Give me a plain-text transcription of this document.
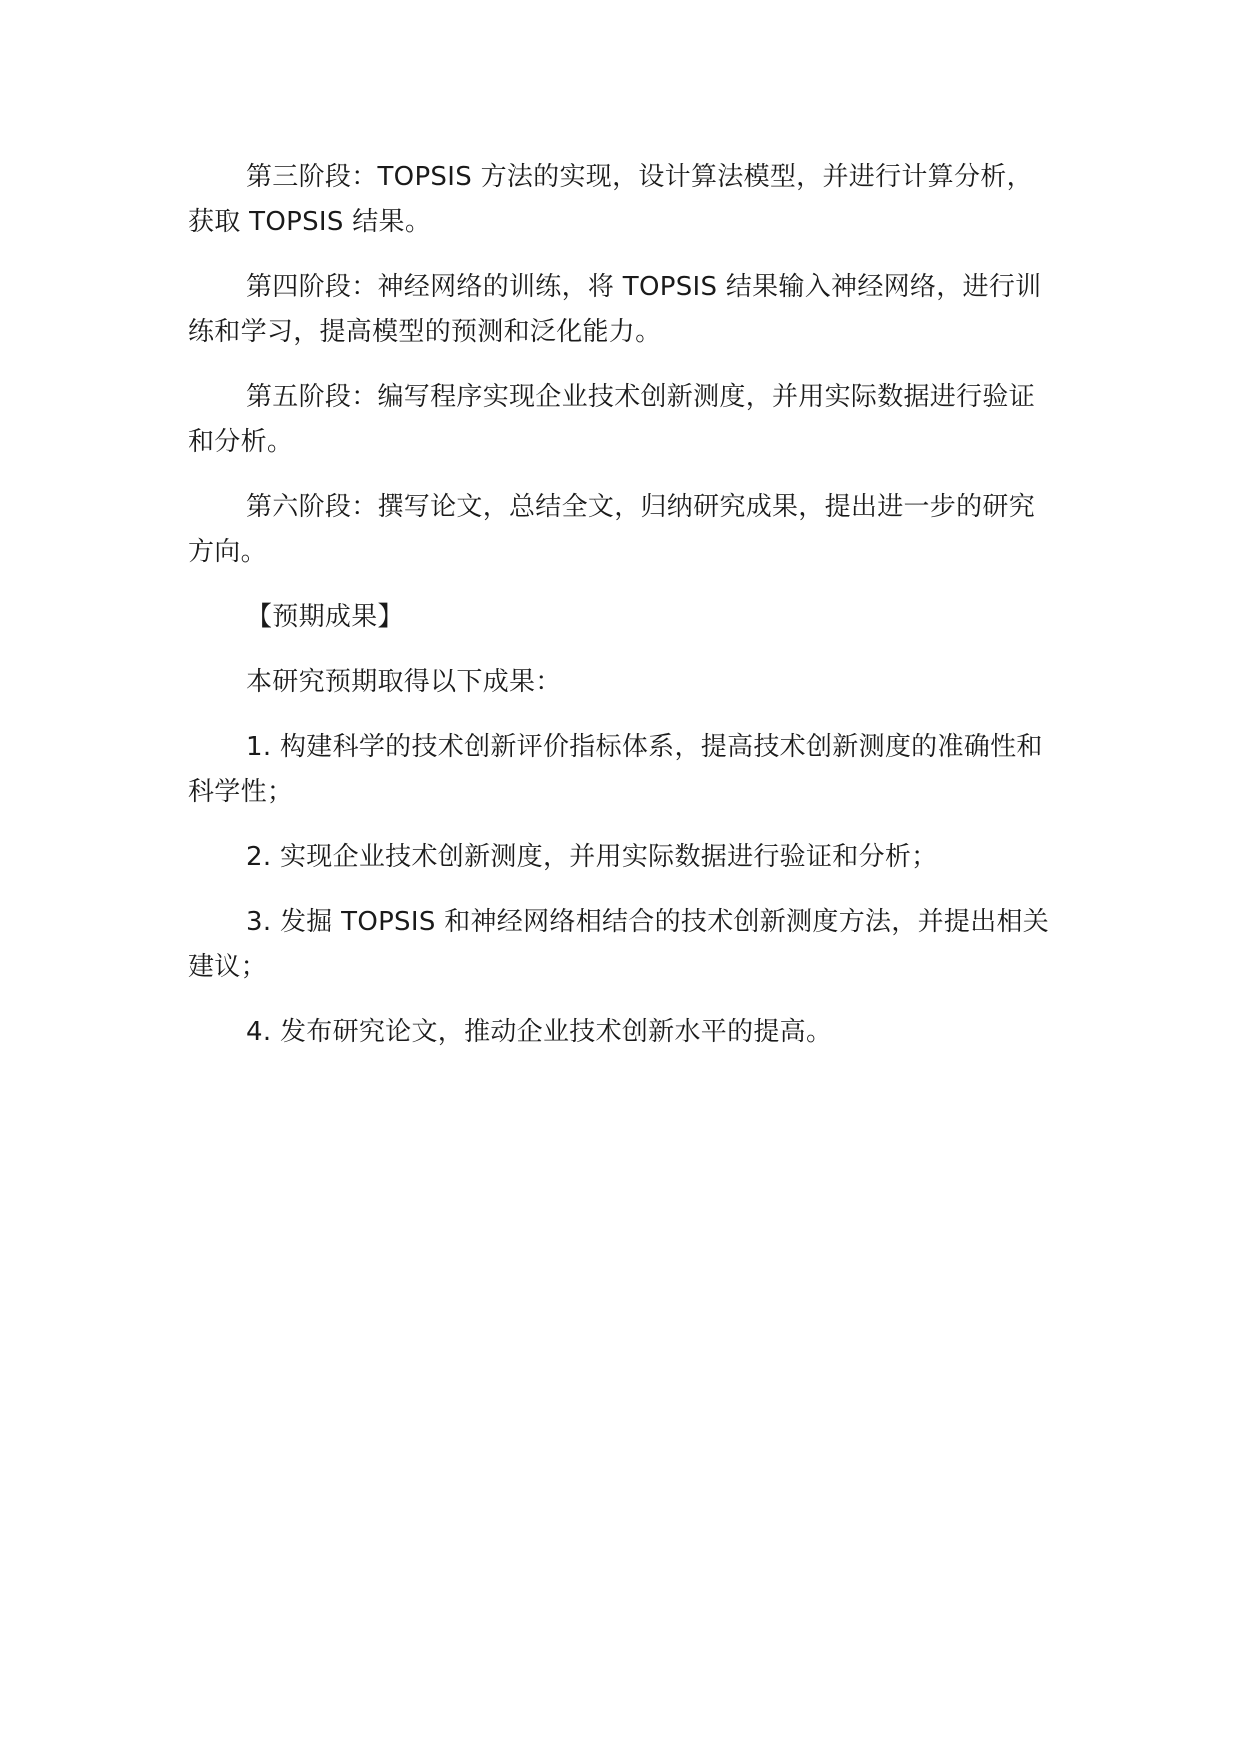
第三阶段：TOPSIS 方法的实现，设计算法模型，并进行计算分析，获取 TOPSIS 结果。

第四阶段：神经网络的训练，将 TOPSIS 结果输入神经网络，进行训练和学习，提高模型的预测和泛化能力。

第五阶段：编写程序实现企业技术创新测度，并用实际数据进行验证和分析。

第六阶段：撰写论文，总结全文，归纳研究成果，提出进一步的研究方向。

【预期成果】

本研究预期取得以下成果：

1. 构建科学的技术创新评价指标体系，提高技术创新测度的准确性和科学性；

2. 实现企业技术创新测度，并用实际数据进行验证和分析；

3. 发掘 TOPSIS 和神经网络相结合的技术创新测度方法，并提出相关建议；

4. 发布研究论文，推动企业技术创新水平的提高。
